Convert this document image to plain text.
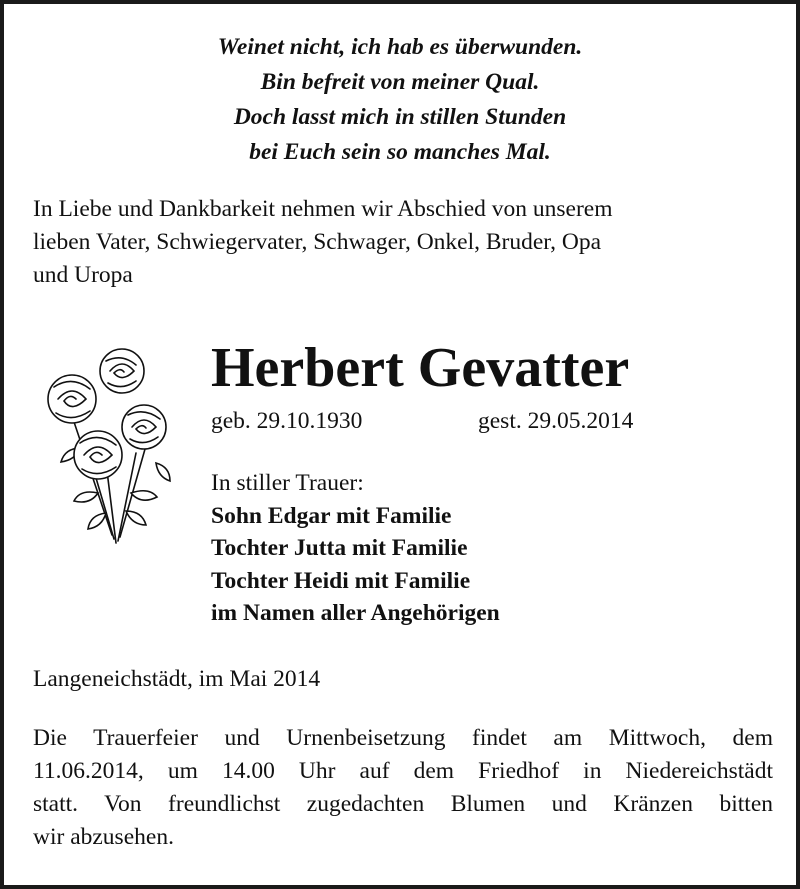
Weinet nicht, ich hab es überwunden.
Bin befreit von meiner Qual.
Doch lasst mich in stillen Stunden
bei Euch sein so manches Mal.
In Liebe und Dankbarkeit nehmen wir Abschied von unserem
lieben Vater, Schwiegervater, Schwager, Onkel, Bruder, Opa
und Uropa
Herbert Gevatter
geb. 29.10.1930	gest. 29.05.2014
In stiller Trauer:
Sohn Edgar mit Familie
Tochter Jutta mit Familie
Tochter Heidi mit Familie
im Namen aller Angehörigen
Langeneichstädt, im Mai 2014
Die Trauerfeier und Urnenbeisetzung findet am Mittwoch, dem
11.06.2014, um 14.00 Uhr auf dem Friedhof in Niedereichstädt
statt. Von freundlichst zugedachten Blumen und Kränzen bitten
wir abzusehen.
